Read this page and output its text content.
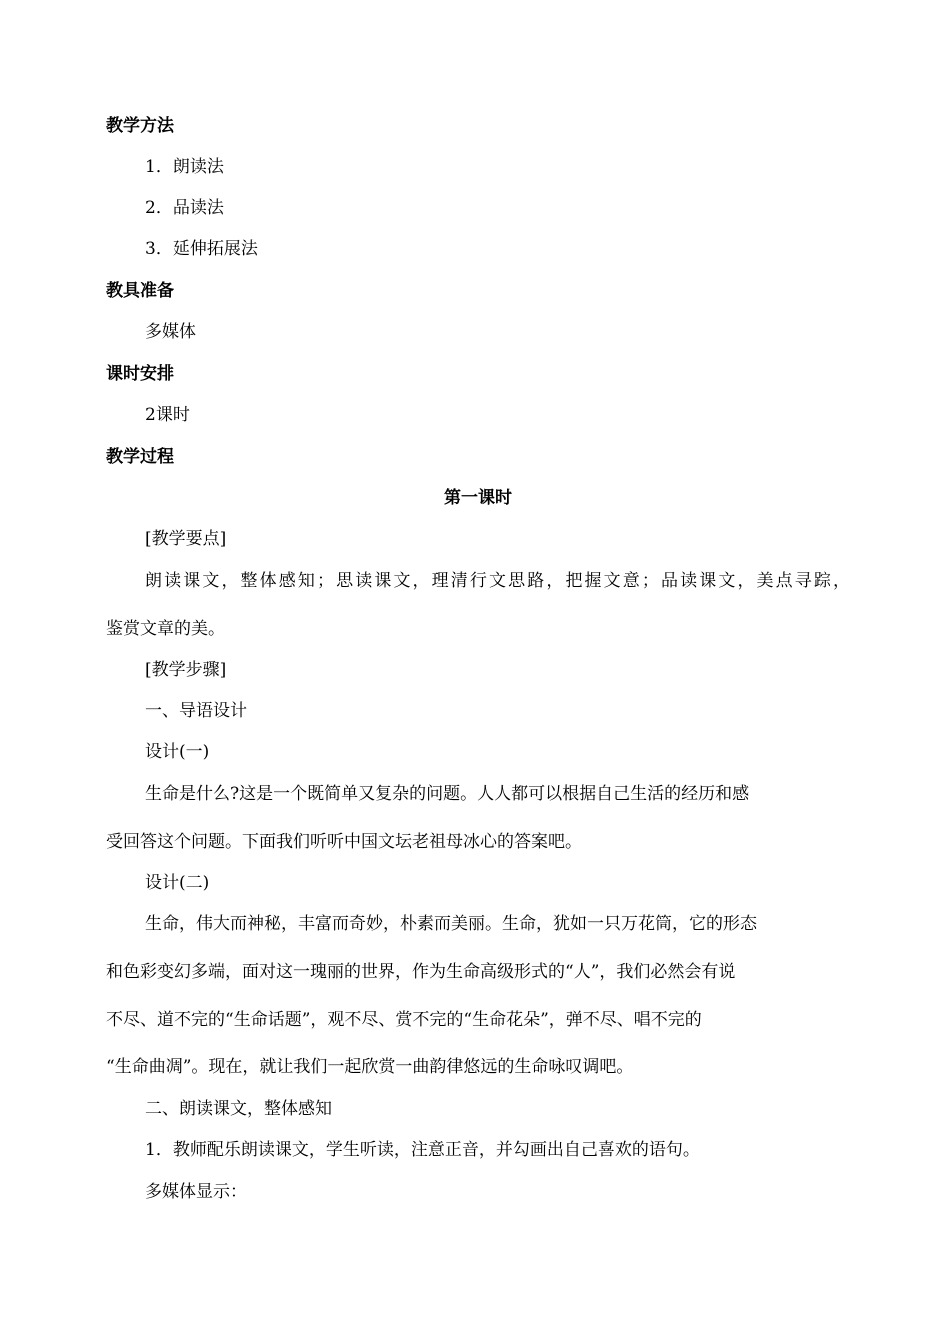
教学方法
1．朗读法
2．品读法
3．延伸拓展法
教具准备
多媒体
课时安排
2课时
教学过程
第一课时
[教学要点]
朗读课文，整体感知；思读课文，理清行文思路，把握文意；品读课文，美点寻踪，
鉴赏文章的美。
[教学步骤]
一、导语设计
设计(一)
生命是什么?这是一个既简单又复杂的问题。人人都可以根据自己生活的经历和感
受回答这个问题。下面我们听听中国文坛老祖母冰心的答案吧。
设计(二)
生命，伟大而神秘，丰富而奇妙，朴素而美丽。生命，犹如一只万花筒，它的形态
和色彩变幻多端，面对这一瑰丽的世界，作为生命高级形式的“人”，我们必然会有说
不尽、道不完的“生命话题”，观不尽、赏不完的“生命花朵”，弹不尽、唱不完的
“生命曲凋”。现在，就让我们一起欣赏一曲韵律悠远的生命咏叹调吧。
二、朗读课文，整体感知
1．教师配乐朗读课文，学生听读，注意正音，并勾画出自己喜欢的语句。
多媒体显示：
